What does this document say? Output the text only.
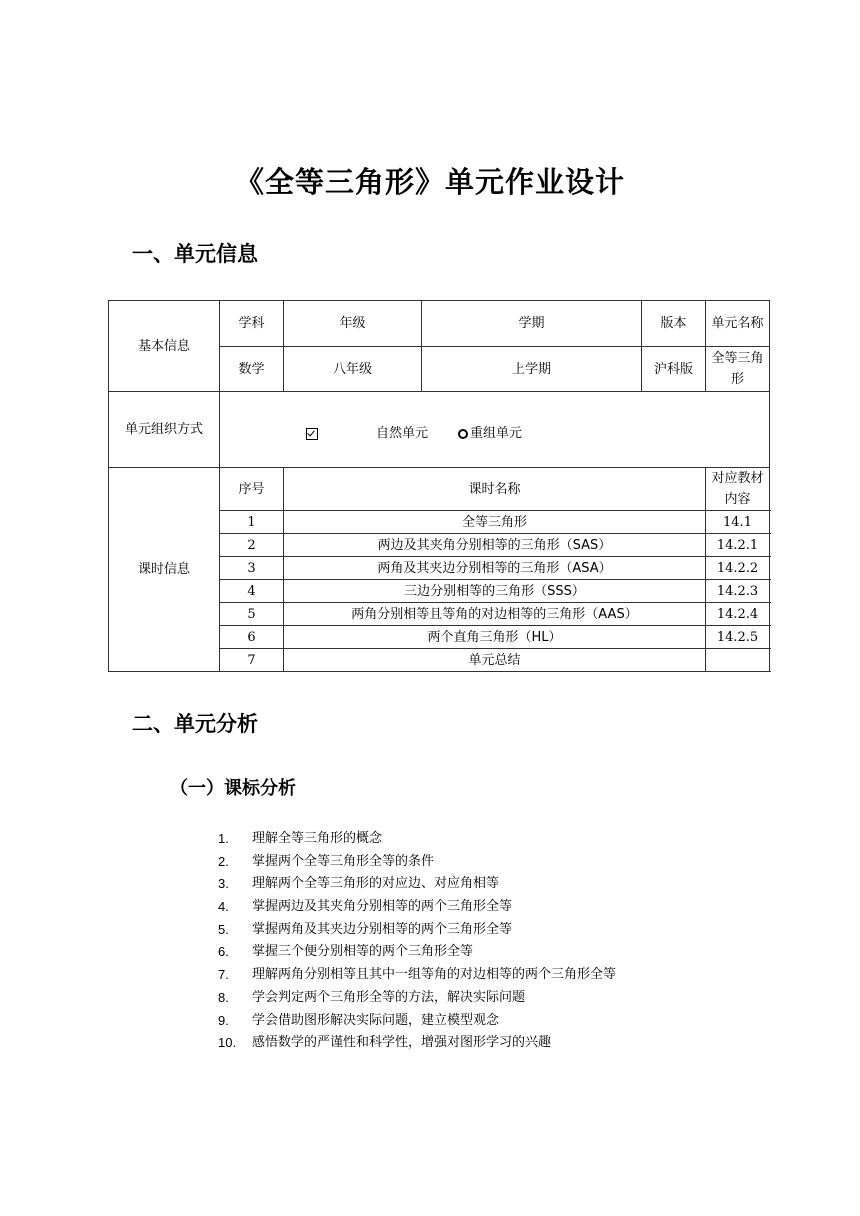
《全等三角形》单元作业设计
一、单元信息
基本信息	学科	年级	学期	版本	单元名称
	数学	八年级	上学期	沪科版	全等三角形
单元组织方式	自然单元 重组单元				

课时信息	序号	课时名称			对应教材内容
	1	全等三角形			14.1
	2	两边及其夹角分别相等的三角形（SAS）			14.2.1
	3	两角及其夹边分别相等的三角形（ASA）			14.2.2
	4	三边分别相等的三角形（SSS）			14.2.3
	5	两角分别相等且等角的对边相等的三角形（AAS）			14.2.4
	6	两个直角三角形（HL）			14.2.5
	7	单元总结			
二、单元分析
（一）课标分析
1.	理解全等三角形的概念
2.	掌握两个全等三角形全等的条件
3.	理解两个全等三角形的对应边、对应角相等
4.	掌握两边及其夹角分别相等的两个三角形全等
5.	掌握两角及其夹边分别相等的两个三角形全等
6.	掌握三个便分别相等的两个三角形全等
7.	理解两角分别相等且其中一组等角的对边相等的两个三角形全等
8.	学会判定两个三角形全等的方法，解决实际问题
9.	学会借助图形解决实际问题，建立模型观念
10.	感悟数学的严谨性和科学性，增强对图形学习的兴趣
